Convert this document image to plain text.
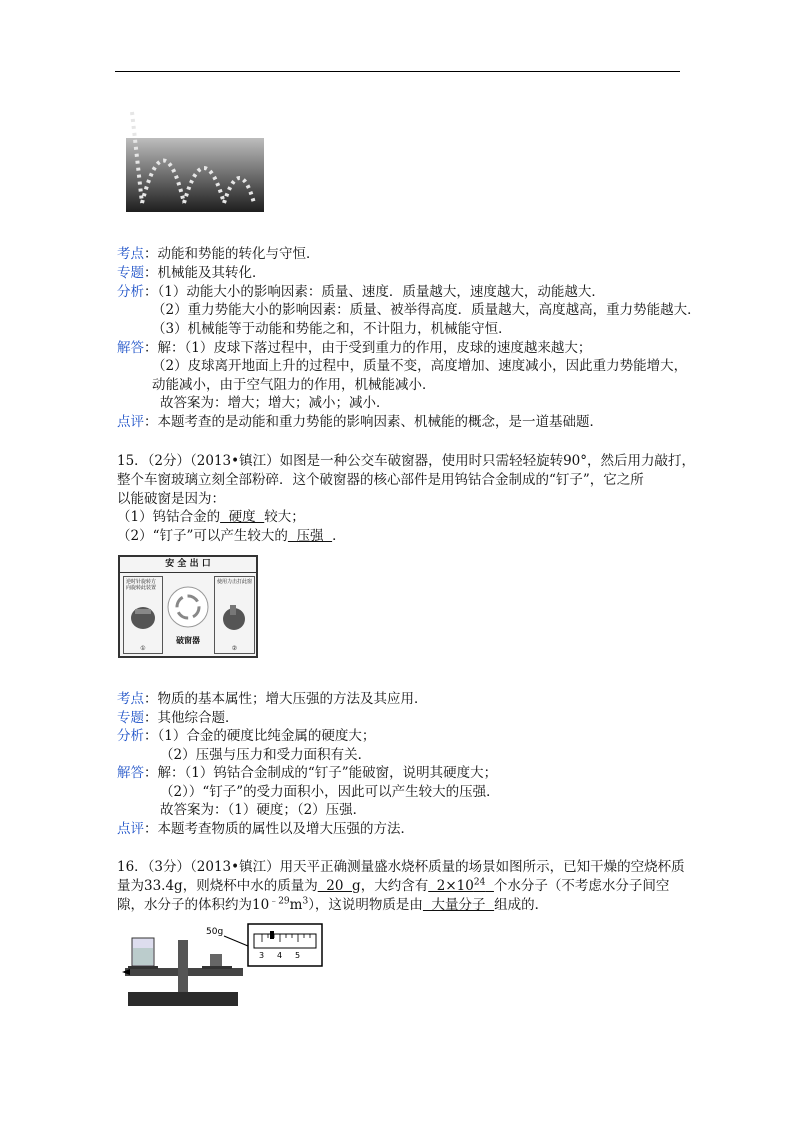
考点：动能和势能的转化与守恒．
专题：机械能及其转化．
分析：（1）动能大小的影响因素：质量、速度．质量越大，速度越大，动能越大．
（2）重力势能大小的影响因素：质量、被举得高度．质量越大，高度越高，重力势能越大．
（3）机械能等于动能和势能之和，不计阻力，机械能守恒．
解答：解：（1）皮球下落过程中，由于受到重力的作用，皮球的速度越来越大；
（2）皮球离开地面上升的过程中，质量不变，高度增加、速度减小，因此重力势能增大，
动能减小，由于空气阻力的作用，机械能减小．
故答案为：增大；增大；减小；减小．
点评：本题考查的是动能和重力势能的影响因素、机械能的概念，是一道基础题．
15．（2分）（2013•镇江）如图是一种公交车破窗器，使用时只需轻轻旋转90°，然后用力敲打，
整个车窗玻璃立刻全部粉碎．这个破窗器的核心部件是用钨钴合金制成的“钉子”，它之所
以能破窗是因为：
（1）钨钴合金的  硬度  较大；
（2）“钉子”可以产生较大的  压强  ．
安 全 出 口
逆时针旋转方向旋转此装置
①
破窗器
使用力击打此窗
②
考点：物质的基本属性；增大压强的方法及其应用．
专题：其他综合题．
分析：（1）合金的硬度比纯金属的硬度大；
（2）压强与压力和受力面积有关．
解答：解：（1）钨钴合金制成的“钉子”能破窗，说明其硬度大；
（2））“钉子”的受力面积小，因此可以产生较大的压强．
故答案为：（1）硬度；（2）压强．
点评：本题考查物质的属性以及增大压强的方法．
16．（3分）（2013•镇江）用天平正确测量盛水烧杯质量的场景如图所示，已知干燥的空烧杯质
量为33.4g，则烧杯中水的质量为  20  g，大约含有  $2\times 10^{24}$ 个水分子（不考虑水分子间空
隙，水分子的体积约为$10^{﹣29}m^3$），这说明物质是由  大量分子  组成的．
50g
3 4 5
